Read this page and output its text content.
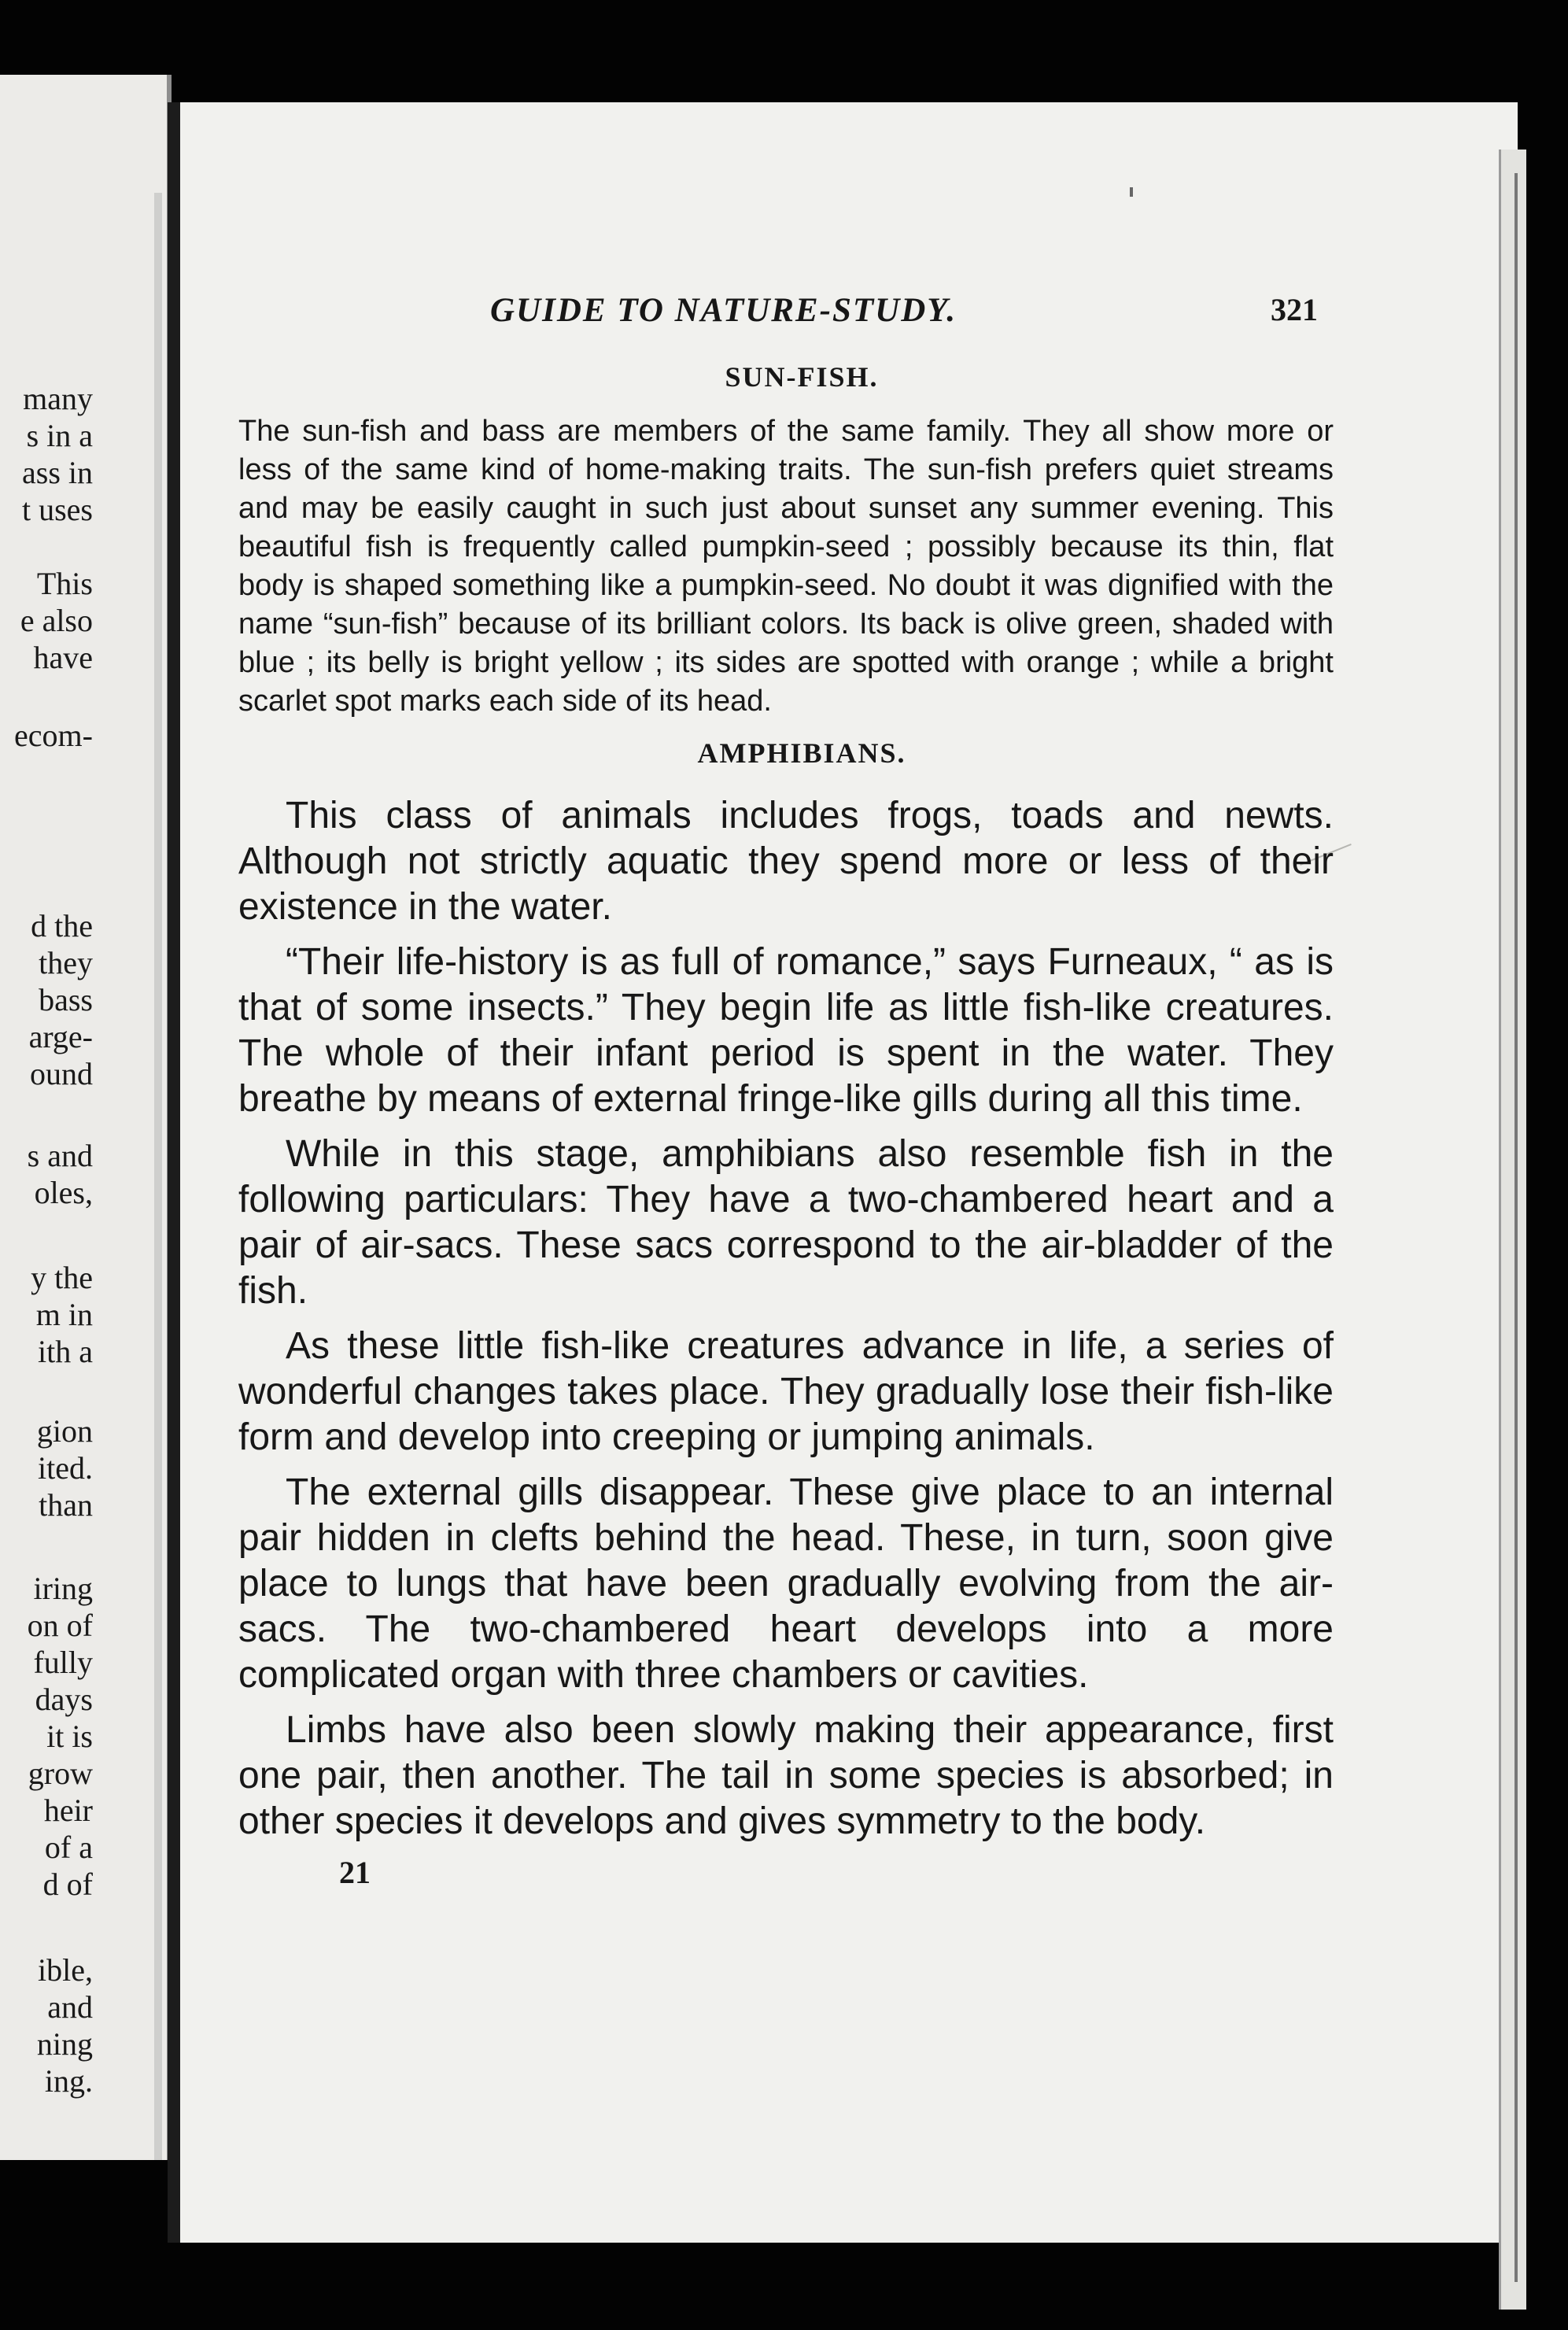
many

s in a

ass in

t uses

This

e also

have

ecom-

d the

they

bass

arge-

ound

s and

oles,

y the

m in

ith a

gion

ited.

than

iring

on of

fully

days

it is

grow

heir

of a

d of

ible,

and

ning

ing.

GUIDE TO NATURE-STUDY.	321
SUN-FISH.

The sun-fish and bass are members of the same family. They all show more or less of the same kind of home-making traits. The sun-fish prefers quiet streams and may be easily caught in such just about sunset any summer evening. This beautiful fish is frequently called pumpkin-seed ; possibly because its thin, flat body is shaped something like a pumpkin-seed. No doubt it was dignified with the name “sun-fish” because of its brilliant colors. Its back is olive green, shaded with blue ; its belly is bright yellow ; its sides are spotted with orange ; while a bright scarlet spot marks each side of its head.

AMPHIBIANS.

This class of animals includes frogs, toads and newts. Although not strictly aquatic they spend more or less of their existence in the water.

“Their life-history is as full of romance,” says Furneaux, “ as is that of some insects.” They begin life as little fish-like creatures. The whole of their infant period is spent in the water. They breathe by means of external fringe-like gills during all this time.

While in this stage, amphibians also resemble fish in the following particulars: They have a two-chambered heart and a pair of air-sacs. These sacs correspond to the air-bladder of the fish.

As these little fish-like creatures advance in life, a series of wonderful changes takes place. They gradually lose their fish-like form and develop into creeping or jumping animals.

The external gills disappear. These give place to an internal pair hidden in clefts behind the head. These, in turn, soon give place to lungs that have been gradually evolving from the air-sacs. The two-chambered heart develops into a more complicated organ with three chambers or cavities.

Limbs have also been slowly making their appearance, first one pair, then another. The tail in some species is absorbed; in other species it develops and gives symmetry to the body.

21
